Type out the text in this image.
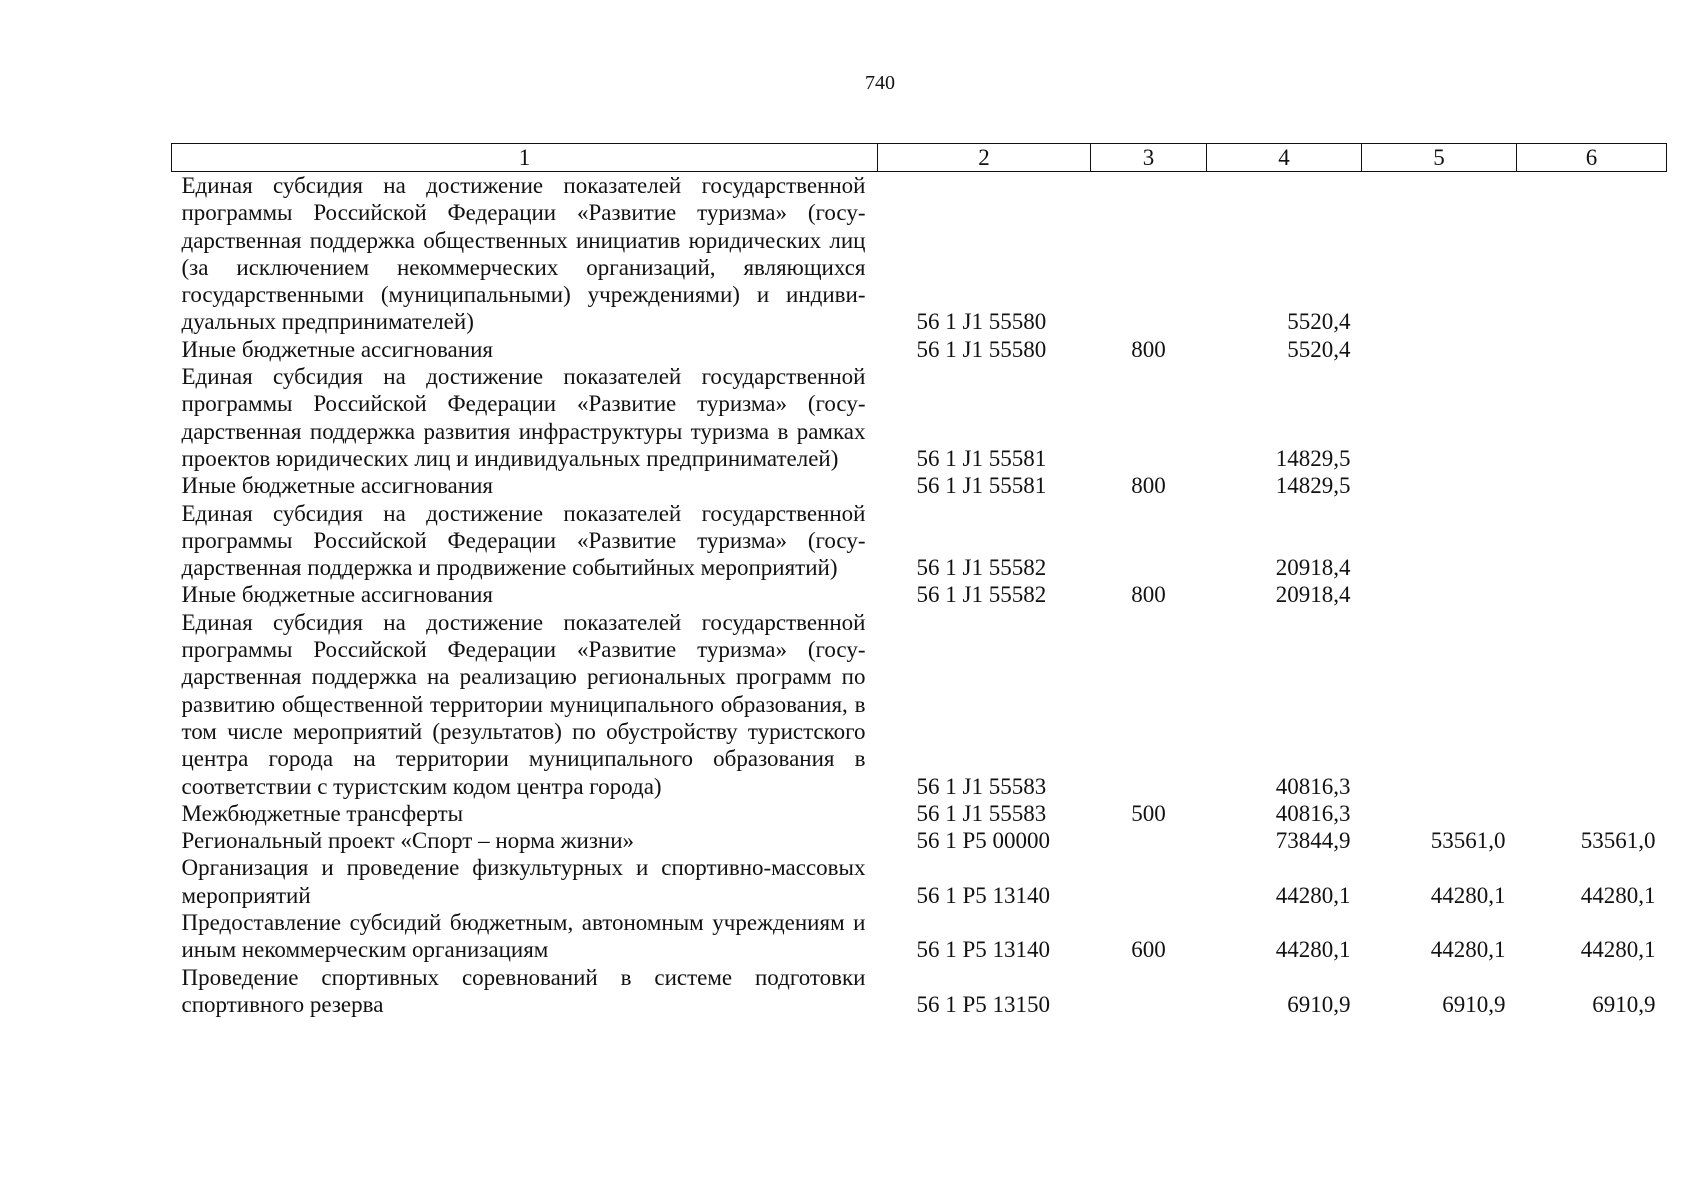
740
1	2	3	4	5	6
Единая субсидия на достижение показателей государственной программы Российской Федерации «Развитие туризма» (государственная поддержка общественных инициатив юридических лиц (за исключением некоммерческих организаций, являющихся государственными (муниципальными) учреждениями) и индивидуальных предпринимателей)	56 1 J1 55580		5520,4		
Иные бюджетные ассигнования	56 1 J1 55580	800	5520,4		
Единая субсидия на достижение показателей государственной программы Российской Федерации «Развитие туризма» (государственная поддержка развития инфраструктуры туризма в рамках проектов юридических лиц и индивидуальных предпринимателей)	56 1 J1 55581		14829,5		
Иные бюджетные ассигнования	56 1 J1 55581	800	14829,5		
Единая субсидия на достижение показателей государственной программы Российской Федерации «Развитие туризма» (государственная поддержка и продвижение событийных мероприятий)	56 1 J1 55582		20918,4		
Иные бюджетные ассигнования	56 1 J1 55582	800	20918,4		
Единая субсидия на достижение показателей государственной программы Российской Федерации «Развитие туризма» (государственная поддержка на реализацию региональных программ по развитию общественной территории муниципального образования, в том числе мероприятий (результатов) по обустройству туристского центра города на территории муниципального образования в соответствии с туристским кодом центра города)	56 1 J1 55583		40816,3		
Межбюджетные трансферты	56 1 J1 55583	500	40816,3		
Региональный проект «Спорт – норма жизни»	56 1 P5 00000		73844,9	53561,0	53561,0
Организация и проведение физкультурных и спортивно-массовых мероприятий	56 1 P5 13140		44280,1	44280,1	44280,1
Предоставление субсидий бюджетным, автономным учреждениям и иным некоммерческим организациям	56 1 P5 13140	600	44280,1	44280,1	44280,1
Проведение спортивных соревнований в системе подготовки спортивного резерва	56 1 P5 13150		6910,9	6910,9	6910,9
